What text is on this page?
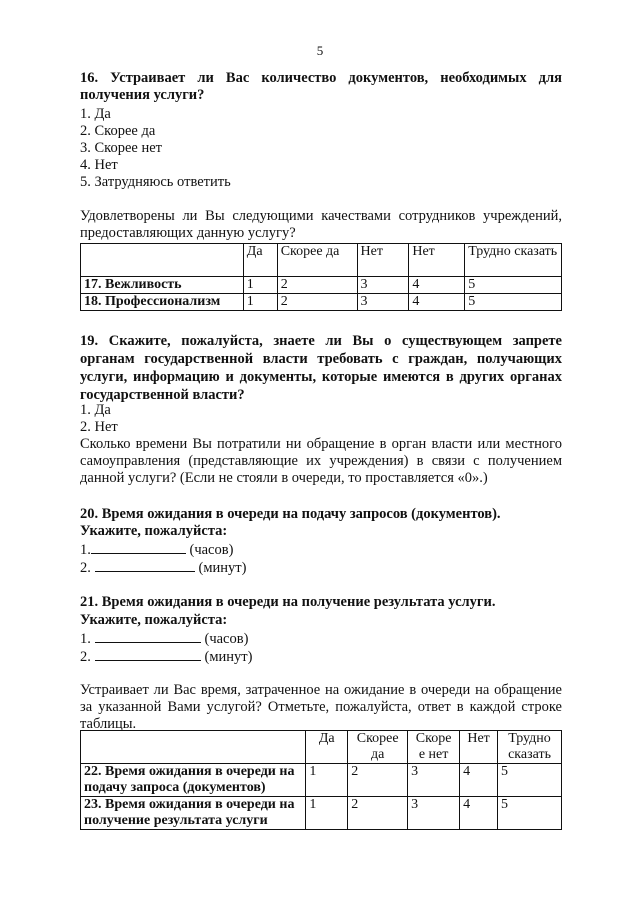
5
16. Устраивает ли Вас количество документов, необходимых для получения услуги?
1. Да
2. Скорее да
3. Скорее нет
4. Нет
5. Затрудняюсь ответить
Удовлетворены ли Вы следующими качествами сотрудников учреждений, предоставляющих данную услугу?
	Да	Скорее да	Нет	Нет	Трудно сказать
17. Вежливость	1	2	3	4	5
18. Профессионализм	1	2	3	4	5
19. Скажите, пожалуйста, знаете ли Вы о существующем запрете органам государственной власти требовать с граждан, получающих услуги, информацию и документы, которые имеются в других органах государственной власти?
1. Да
2. Нет
Сколько времени Вы потратили ни обращение в орган власти или местного самоуправления (представляющие их учреждения) в связи с получением данной услуги? (Если не стояли в очереди, то проставляется «0».)
20. Время ожидания в очереди на подачу запросов (документов).
Укажите, пожалуйста:
1.	(часов)
2.	(минут)
21. Время ожидания в очереди на получение результата услуги.
Укажите, пожалуйста:
1.	(часов)
2.	(минут)
Устраивает ли Вас время, затраченное на ожидание в очереди на обращение за указанной Вами услугой? Отметьте, пожалуйста, ответ в каждой строке таблицы.
	Да	Скорее да	Скоре е нет	Нет	Трудно сказать
22. Время ожидания в очереди на подачу запроса (документов)	1	2	3	4	5
23. Время ожидания в очереди на получение результата услуги	1	2	3	4	5
